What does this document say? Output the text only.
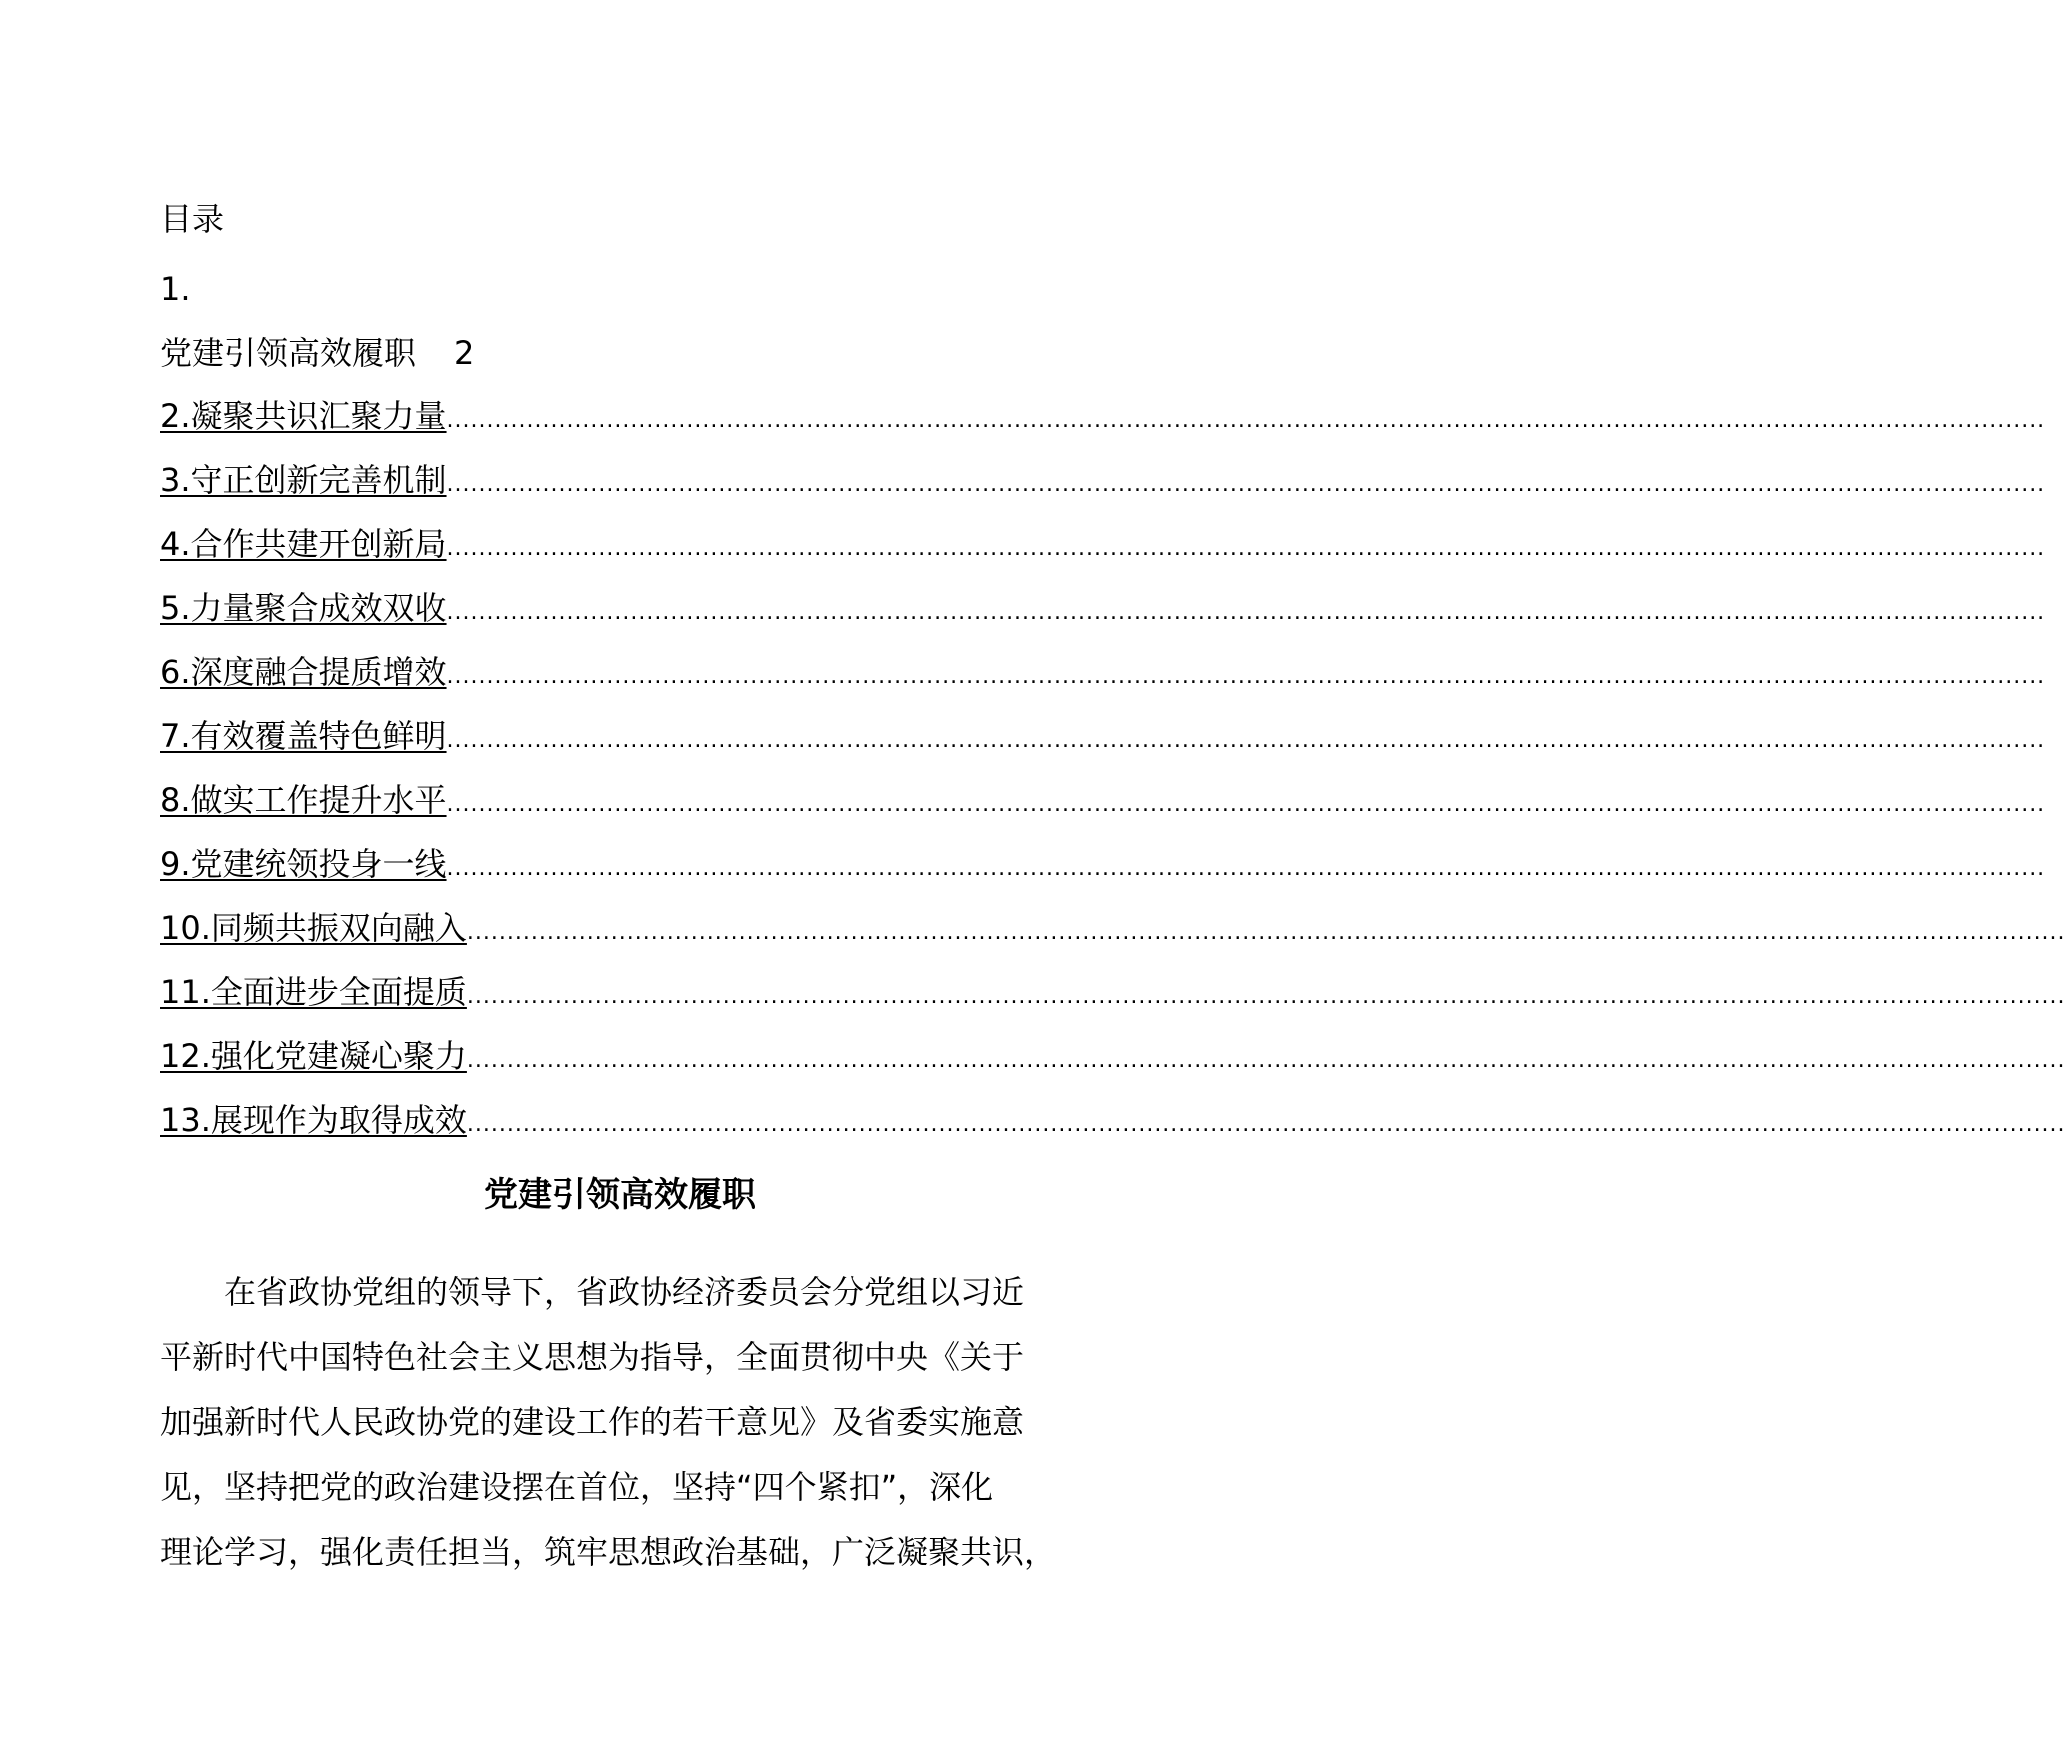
目录
1.
党建引领高效履职 2
2.凝聚共识汇聚力量 ........................................................................................................................................................................................................
3.守正创新完善机制 ........................................................................................................................................................................................................
4.合作共建开创新局 ........................................................................................................................................................................................................
5.力量聚合成效双收 ........................................................................................................................................................................................................
6.深度融合提质增效 ........................................................................................................................................................................................................
7.有效覆盖特色鲜明 ........................................................................................................................................................................................................
8.做实工作提升水平 ........................................................................................................................................................................................................
9.党建统领投身一线 ........................................................................................................................................................................................................
10.同频共振双向融入 ........................................................................................................................................................................................................
11.全面进步全面提质 ........................................................................................................................................................................................................
12.强化党建凝心聚力 ........................................................................................................................................................................................................
13.展现作为取得成效 ........................................................................................................................................................................................................
党建引领高效履职
在省政协党组的领导下，省政协经济委员会分党组以习近
平新时代中国特色社会主义思想为指导，全面贯彻中央《关于
加强新时代人民政协党的建设工作的若干意见》及省委实施意
见，坚持把党的政治建设摆在首位，坚持“四个紧扣”，深化
理论学习，强化责任担当，筑牢思想政治基础，广泛凝聚共识，
